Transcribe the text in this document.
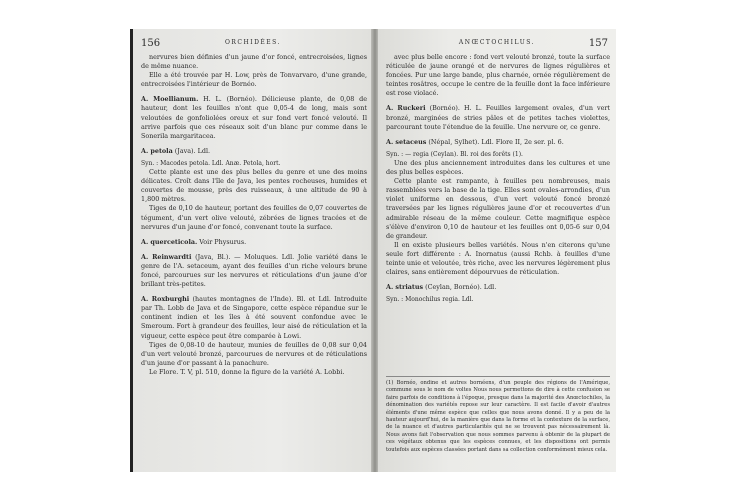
156	ORCHIDÉES.

nervures bien définies d'un jaune d'or foncé, entrecroisées, lignes de même nuance.

Elle a été trouvée par H. Low, près de Tonvarvaro, d'une grande, entrecroisées l'intérieur de Bornéo.

A. Moellianum. H. L. (Bornéo). Délicieuse plante, de 0,08 de hauteur, dont les feuilles n'ont que 0,05-4 de long, mais sont veloutées de gonfoliolées oreux et sur fond vert foncé velouté. Il arrive parfois que ces réseaux soit d'un blanc pur comme dans le Sonerila margaritacea.

A. petola (Java). Ldl.

Syn. : Macodes petola. Ldl. Anæ. Petola, hort.

Cette plante est une des plus belles du genre et une des moins délicates. Croît dans l'île de Java, les pentes rocheuses, humides et couvertes de mousse, près des ruisseaux, à une altitude de 90 à 1,800 mètres.

Tiges de 0,10 de hauteur, portant des feuilles de 0,07 couvertes de tégument, d'un vert olive velouté, zébrées de lignes tracées et de nervures d'un jaune d'or foncé, convenant toute la surface.

A. querceticola. Voir Physurus.

A. Reinwardti (Java, Bl.). — Moluques. Ldl. Jolie variété dans le genre de l'A. setaceum, ayant des feuilles d'un riche velours brune foncé, parcourues sur les nervures et réticulations d'un jaune d'or brillant très-petites.

A. Roxburghi (hautes montagnes de l'Inde). Bl. et Ldl. Introduite par Th. Lobb de Java et de Singapore, cette espèce répandue sur le continent indien et les îles à été souvent confondue avec le Smeroum. Fort à grandeur des feuilles, leur aisé de réticulation et la vigueur, cette espèce peut être comparée à Lowi.

Tiges de 0,08-10 de hauteur, munies de feuilles de 0,08 sur 0,04 d'un vert velouté bronzé, parcourues de nervures et de réticulations d'un jaune d'or passant à la panachure.

Le Flore. T. V, pl. 510, donne la figure de la variété A. Lobbi.

ANŒCTOCHILUS.	157

avec plus belle encore : fond vert velouté bronzé, toute la surface réticulée de jaune orangé et de nervures de lignes régulières et foncées. Pur une large bande, plus charnée, ornée régulièrement de teintes rosâtres, occupe le centre de la feuille dont la face inférieure est rose violacé.

A. Ruckeri (Bornéo). H. L. Feuilles largement ovales, d'un vert bronzé, marginées de stries pâles et de petites taches violettes, parcourant toute l'étendue de la feuille. Une nervure or, ce genre.

A. setaceus (Népal, Sylhet). Ldl. Flore II, 2e ser. pl. 6.

Syn. : — regia (Ceylan). Bl. roi des forêts (1).

Une des plus anciennement introduites dans les cultures et une des plus belles espèces.

Cette plante est rampante, à feuilles peu nombreuses, mais rassemblées vers la base de la tige. Elles sont ovales-arrondies, d'un violet uniforme en dessous, d'un vert velouté foncé bronzé traversées par les lignes régulières jaune d'or et recouvertes d'un admirable réseau de la même couleur. Cette magnifique espèce s'élève d'environ 0,10 de hauteur et les feuilles ont 0,05-6 sur 0,04 de grandeur.

Il en existe plusieurs belles variétés. Nous n'en citerons qu'une seule fort différente : A. Inornatus (aussi Rchb. à feuilles d'une teinte unie et veloutée, très riche, avec les nervures légèrement plus claires, sans entièrement dépourvues de réticulation.

A. striatus (Ceylan, Bornéo). Ldl.

Syn. : Monochilus regia. Ldl.

(1) Bornéo, ondine et autres bornéens, d'un peuple des régions de l'Amérique, commune sous le nom de voltes Nous nous permettons de dire à cette confusion se faire parfois de conditions à l'époque, presque dans la majorité des Anœctochiles, la dénomination des variétés repose sur leur caractère. Il est facile d'avoir d'autres éléments d'une même espèce que celles que nous avons donné. Il y a peu de la hauteur aujourd'hui, de la manière que dans la forme et la contexture de la surface, de la nuance et d'autres particularités qui ne se trouvent pas nécessairement là. Nous avons fait l'observation que nous sommes parvenu à obtenir de la plupart de ces végétaux obtenus que les espèces connues, et les dispositions ont permis toutefois aux espèces classées portant dans sa collection conformément mieux cela.
